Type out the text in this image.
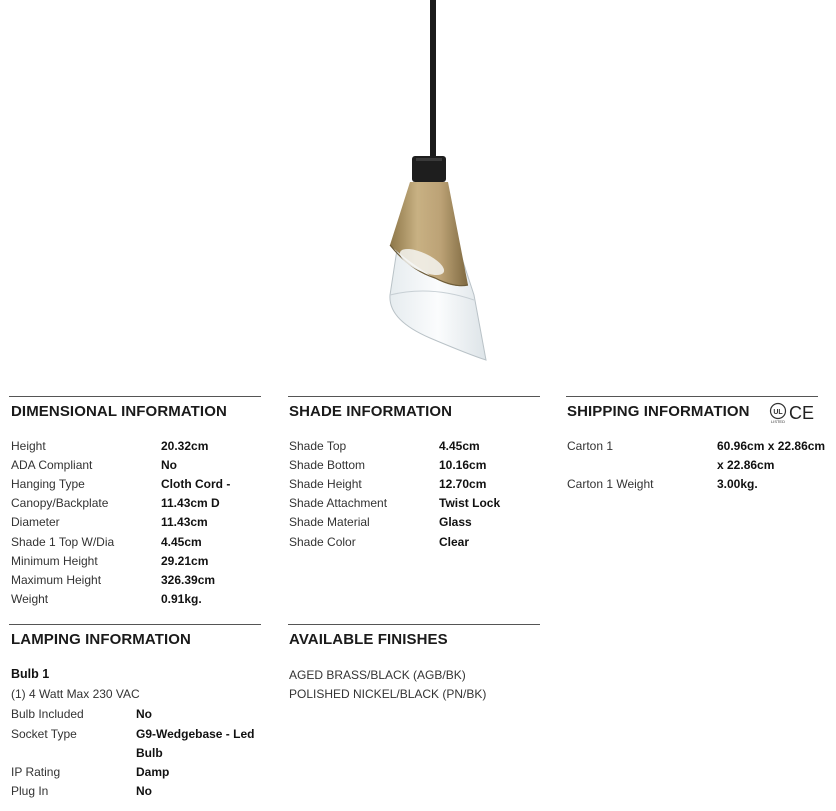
DIMENSIONAL INFORMATION
Height	20.32cm
ADA Compliant	No
Hanging Type	Cloth Cord -
Canopy/Backplate	11.43cm D
Diameter	11.43cm
Shade 1 Top W/Dia	4.45cm
Minimum Height	29.21cm
Maximum Height	326.39cm
Weight	0.91kg.
SHADE INFORMATION
Shade Top	4.45cm
Shade Bottom	10.16cm
Shade Height	12.70cm
Shade Attachment	Twist Lock
Shade Material	Glass
Shade Color	Clear
SHIPPING INFORMATION	UL
LISTED CE
Carton 1	60.96cm x 22.86cm
x 22.86cm
Carton 1 Weight	3.00kg.
LAMPING INFORMATION
Bulb 1
(1) 4 Watt Max 230 VAC
Bulb Included	No
Socket Type	G9-Wedgebase - Led
Bulb
IP Rating	Damp
Plug In	No
AVAILABLE FINISHES
AGED BRASS/BLACK (AGB/BK)
POLISHED NICKEL/BLACK (PN/BK)
